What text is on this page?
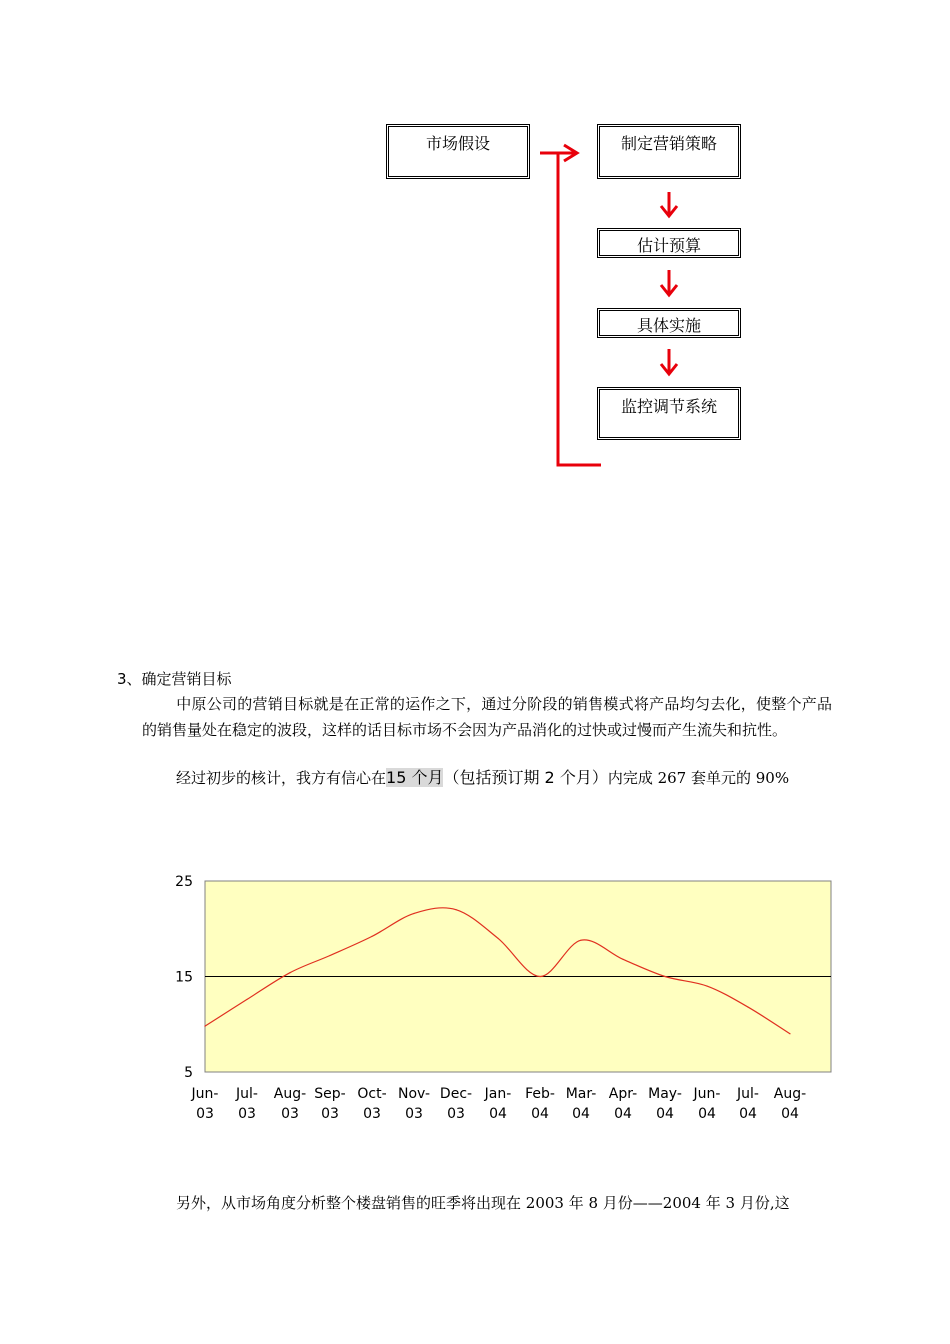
市场假设	制定营销策略
估计预算
具体实施
监控调节系统
3、确定营销目标
中原公司的营销目标就是在正常的运作之下，通过分阶段的销售模式将产品均匀去化，使整个产品的销售量处在稳定的波段，这样的话目标市场不会因为产品消化的过快或过慢而产生流失和抗性。
经过初步的核计，我方有信心在15 个月（包括预订期 2 个月）内完成 267 套单元的 90%
5
15
25
Jun-
03
Jul-
03
Aug-
03
Sep-
03
Oct-
03
Nov-
03
Dec-
03
Jan-
04
Feb-
04
Mar-
04
Apr-
04
May-
04
Jun-
04
Jul-
04
Aug-
04
另外，从市场角度分析整个楼盘销售的旺季将出现在 2003 年 8 月份——2004 年 3 月份,这
